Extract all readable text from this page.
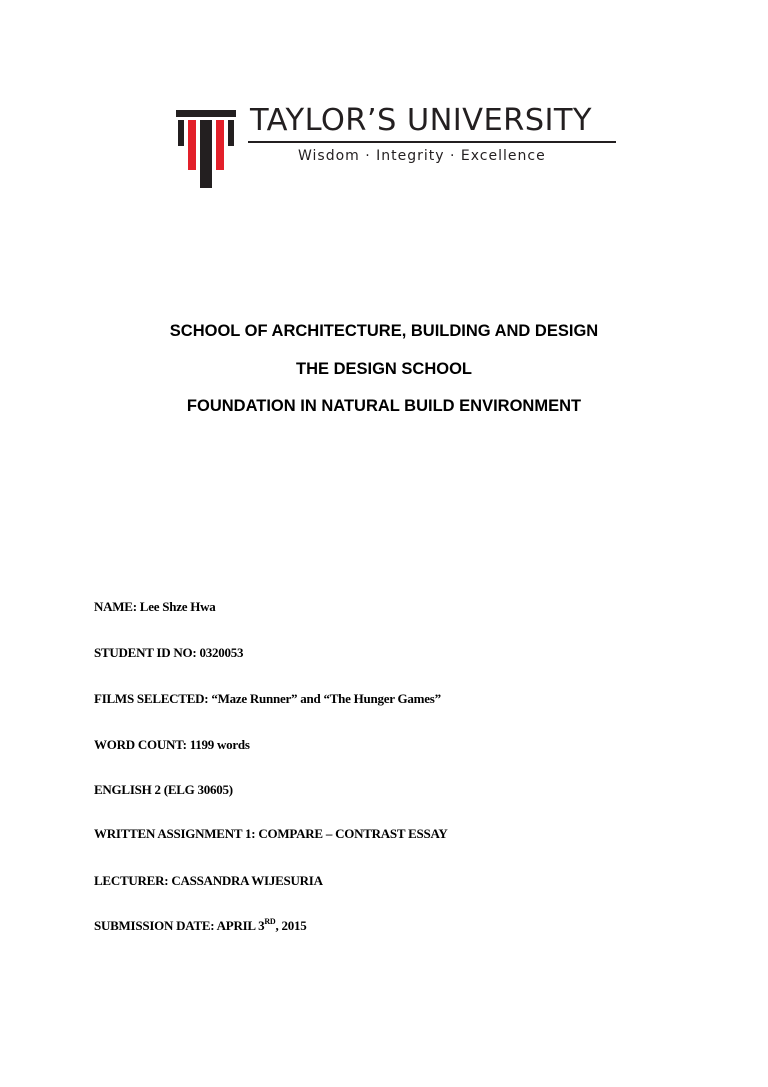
TAYLOR’S UNIVERSITY
Wisdom · Integrity · Excellence
SCHOOL OF ARCHITECTURE, BUILDING AND DESIGN
THE DESIGN SCHOOL
FOUNDATION IN NATURAL BUILD ENVIRONMENT
NAME: Lee Shze Hwa
STUDENT ID NO: 0320053
FILMS SELECTED: “Maze Runner” and “The Hunger Games”
WORD COUNT: 1199 words
ENGLISH 2 (ELG 30605)
WRITTEN ASSIGNMENT 1: COMPARE – CONTRAST ESSAY
LECTURER: CASSANDRA WIJESURIA
SUBMISSION DATE: APRIL 3RD, 2015
